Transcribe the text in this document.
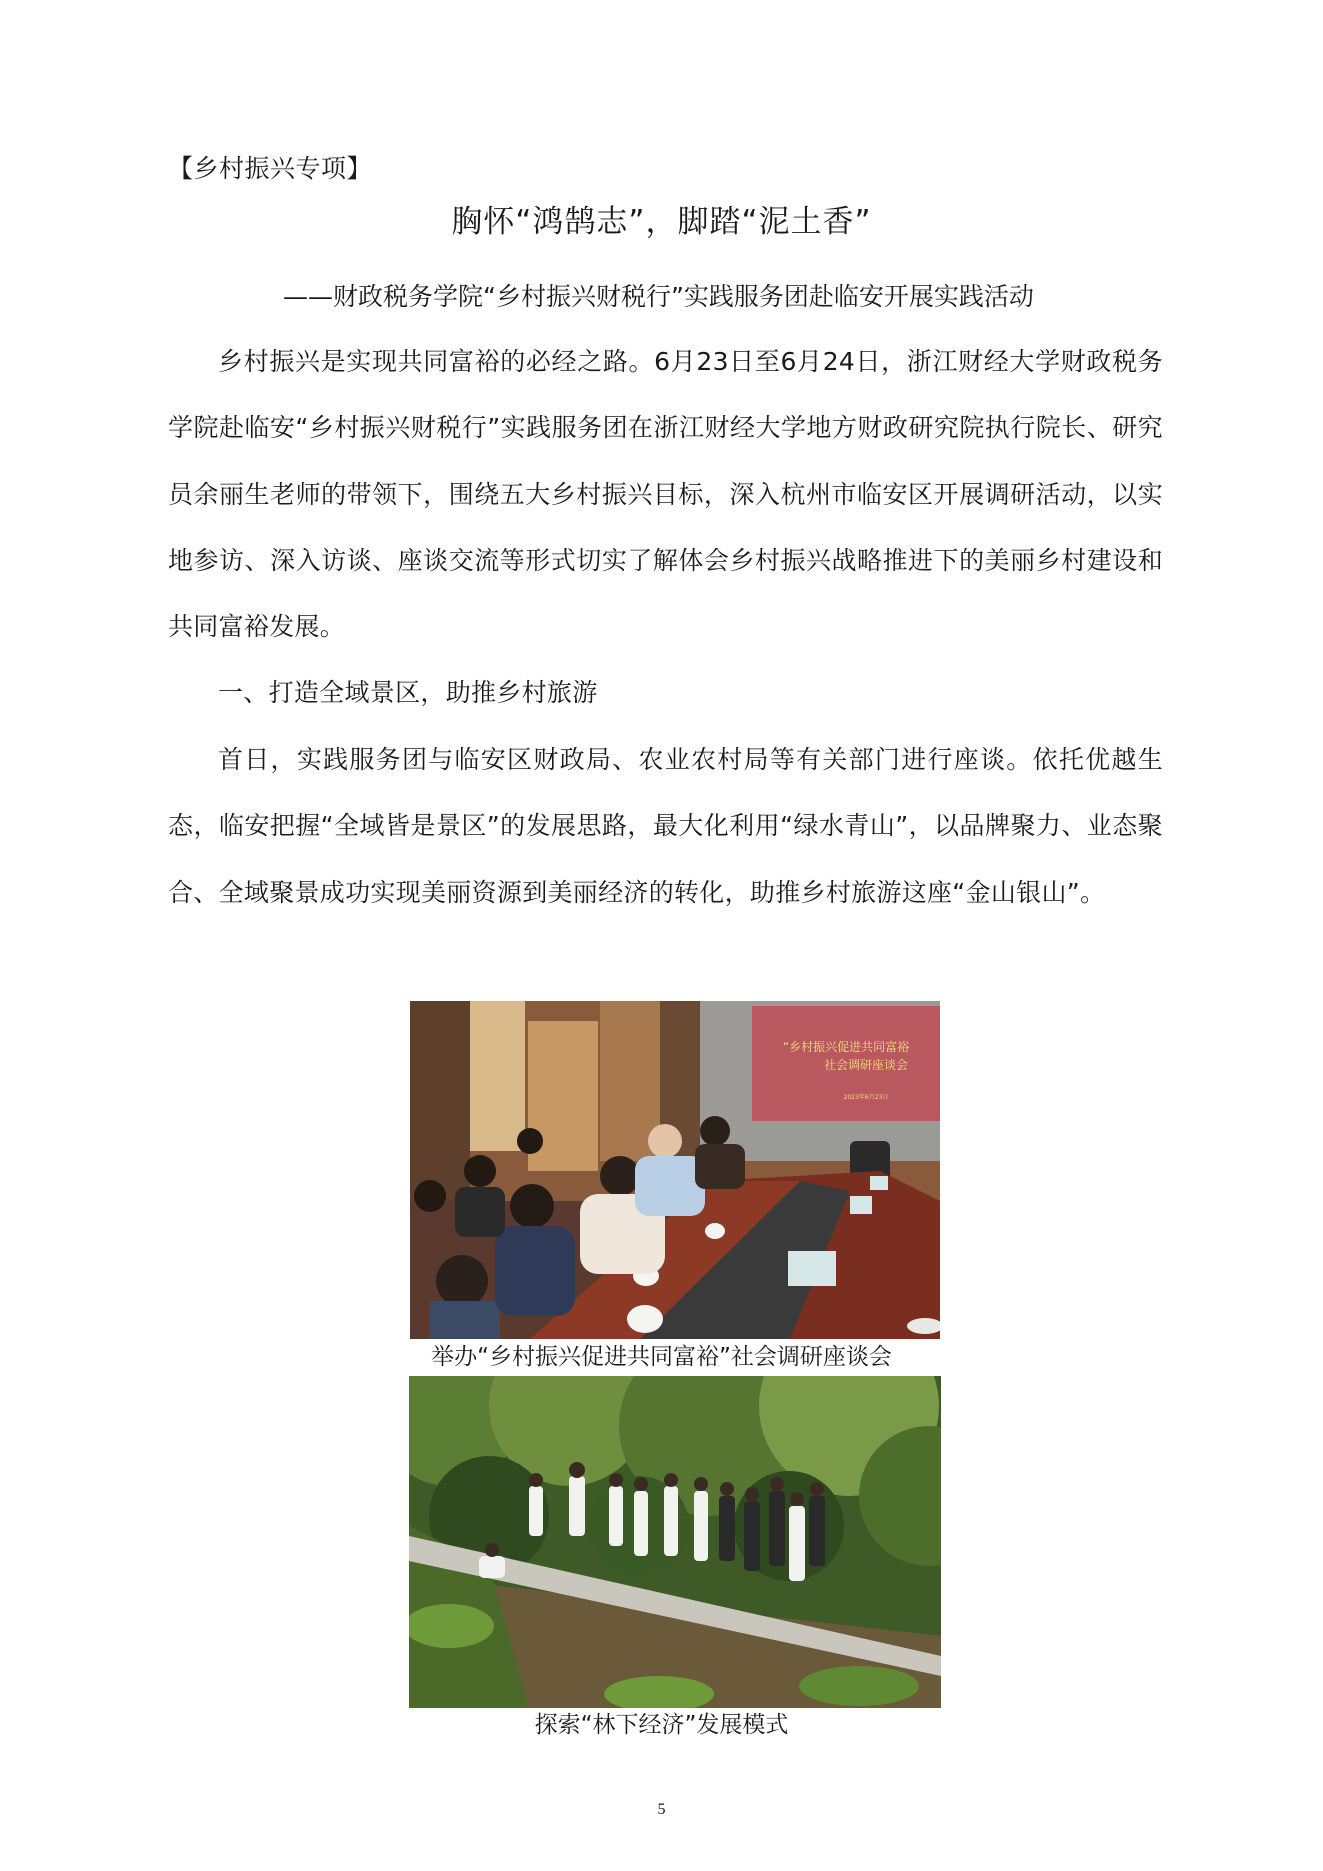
【乡村振兴专项】
胸怀“鸿鹄志”，脚踏“泥土香”
——财政税务学院“乡村振兴财税行”实践服务团赴临安开展实践活动
乡村振兴是实现共同富裕的必经之路。6月23日至6月24日，浙江财经大学财政税务学院赴临安“乡村振兴财税行”实践服务团在浙江财经大学地方财政研究院执行院长、研究员余丽生老师的带领下，围绕五大乡村振兴目标，深入杭州市临安区开展调研活动，以实地参访、深入访谈、座谈交流等形式切实了解体会乡村振兴战略推进下的美丽乡村建设和共同富裕发展。
一、打造全域景区，助推乡村旅游
首日，实践服务团与临安区财政局、农业农村局等有关部门进行座谈。依托优越生态，临安把握“全域皆是景区”的发展思路，最大化利用“绿水青山”，以品牌聚力、业态聚合、全域聚景成功实现美丽资源到美丽经济的转化，助推乡村旅游这座“金山银山”。
“乡村振兴促进共同富裕
社会调研座谈会
2023年6月23日
举办“乡村振兴促进共同富裕”社会调研座谈会
探索“林下经济”发展模式
5
